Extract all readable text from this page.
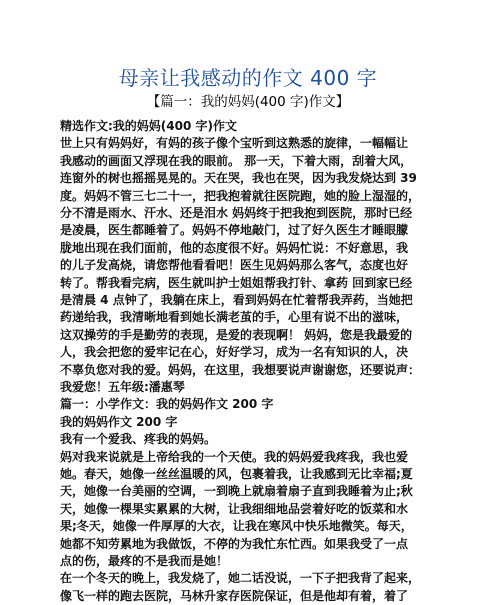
母亲让我感动的作文 400 字
【篇一：我的妈妈(400 字)作文】
精选作文:我的妈妈(400 字)作文
世上只有妈妈好，有妈的孩子像个宝听到这熟悉的旋律，一幅幅让
我感动的画面又浮现在我的眼前。 那一天，下着大雨，刮着大风，
连窗外的树也摇摇晃晃的。天在哭，我也在哭，因为我发烧达到 39
度。妈妈不管三七二十一，把我抱着就往医院跑，她的脸上湿湿的，
分不清是雨水、汗水、还是泪水 妈妈终于把我抱到医院，那时已经
是凌晨，医生都睡着了。妈妈不停地敲门，过了好久医生才睡眼朦
胧地出现在我们面前，他的态度很不好。妈妈忙说：不好意思，我
的儿子发高烧，请您帮他看看吧！医生见妈妈那么客气，态度也好
转了。帮我看完病，医生就叫护士姐姐帮我打针、拿药 回到家已经
是清晨 4 点钟了，我躺在床上，看到妈妈在忙着帮我弄药，当她把
药递给我，我清晰地看到她长满老茧的手，心里有说不出的滋味，
这双操劳的手是勤劳的表现，是爱的表现啊！ 妈妈，您是我最爱的
人，我会把您的爱牢记在心，好好学习，成为一名有知识的人，决
不辜负您对我的爱。妈妈，在这里，我想要说声谢谢您，还要说声：
我爱您！五年级:潘惠琴
篇一：小学作文：我的妈妈作文 200 字
我的妈妈作文 200 字
我有一个爱我、疼我的妈妈。
妈对我来说就是上帝给我的一个天使。我的妈妈爱我疼我，我也爱
她。春天，她像一丝丝温暖的风，包裹着我，让我感到无比幸福;夏
天，她像一台美丽的空调，一到晚上就扇着扇子直到我睡着为止;秋
天，她像一棵果实累累的大树，让我细细地品尝着好吃的饭菜和水
果;冬天，她像一件厚厚的大衣，让我在寒风中快乐地微笑。每天，
她都不知劳累地为我做饭，不停的为我忙东忙西。如果我受了一点
点的伤，最疼的不是我而是她！
在一个冬天的晚上，我发烧了，她二话没说，一下子把我背了起来，
像飞一样的跑去医院，马林升家存医院保证，但是他却有着，着了
